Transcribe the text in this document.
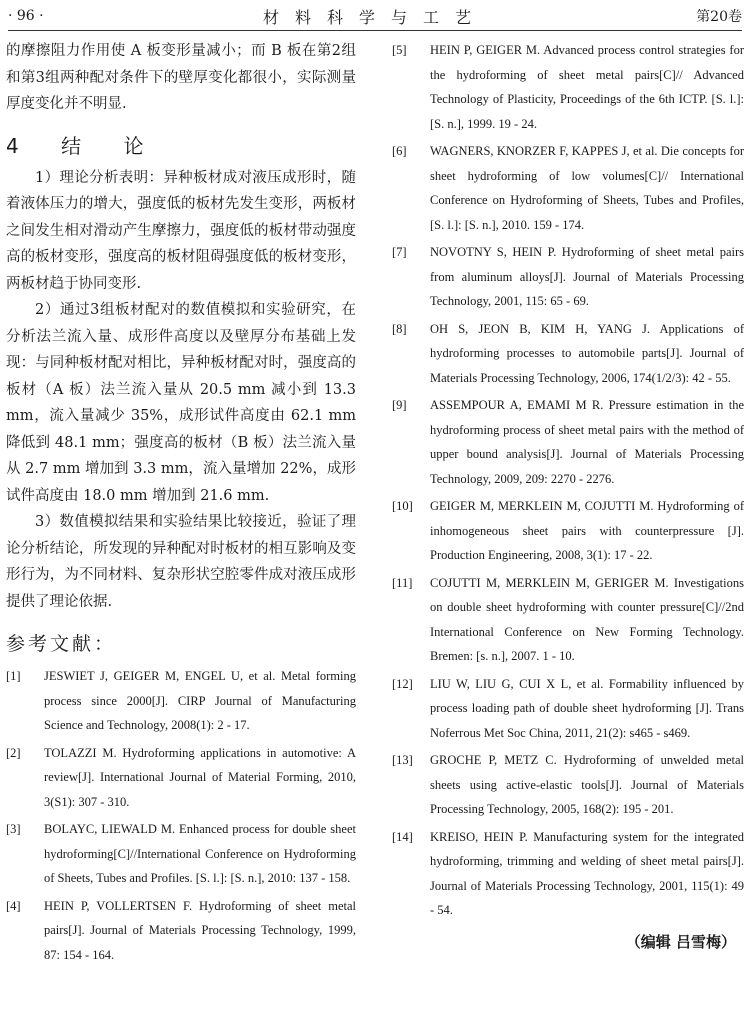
· 96 ·	材料科学与工艺	第20卷

的摩擦阻力作用使 A 板变形量减小；而 B 板在第2组和第3组两种配对条件下的壁厚变化都很小，实际测量厚度变化并不明显.

4 结 论

1）理论分析表明：异种板材成对液压成形时，随着液体压力的增大，强度低的板材先发生变形，两板材之间发生相对滑动产生摩擦力，强度低的板材带动强度高的板材变形，强度高的板材阻碍强度低的板材变形，两板材趋于协同变形.

2）通过3组板材配对的数值模拟和实验研究，在分析法兰流入量、成形件高度以及壁厚分布基础上发现：与同种板材配对相比，异种板材配对时，强度高的板材（A 板）法兰流入量从 20.5 mm 减小到 13.3 mm，流入量减少 35%，成形试件高度由 62.1 mm 降低到 48.1 mm；强度高的板材（B 板）法兰流入量从 2.7 mm 增加到 3.3 mm，流入量增加 22%，成形试件高度由 18.0 mm 增加到 21.6 mm.

3）数值模拟结果和实验结果比较接近，验证了理论分析结论，所发现的异种配对时板材的相互影响及变形行为，为不同材料、复杂形状空腔零件成对液压成形提供了理论依据.

参考文献：
[1]	JESWIET J, GEIGER M, ENGEL U, et al. Metal forming process since 2000[J]. CIRP Journal of Manufacturing Science and Technology, 2008(1): 2 - 17.
[2]	TOLAZZI M. Hydroforming applications in automotive: A review[J]. International Journal of Material Forming, 2010, 3(S1): 307 - 310.
[3]	BOLAYC, LIEWALD M. Enhanced process for double sheet hydroforming[C]//International Conference on Hydroforming of Sheets, Tubes and Profiles. [S. l.]: [S. n.], 2010: 137 - 158.
[4]	HEIN P, VOLLERTSEN F. Hydroforming of sheet metal pairs[J]. Journal of Materials Processing Technology, 1999, 87: 154 - 164.
[5]	HEIN P, GEIGER M. Advanced process control strategies for the hydroforming of sheet metal pairs[C]// Advanced Technology of Plasticity, Proceedings of the 6th ICTP. [S. l.]: [S. n.], 1999. 19 - 24.
[6]	WAGNERS, KNORZER F, KAPPES J, et al. Die concepts for sheet hydroforming of low volumes[C]// International Conference on Hydroforming of Sheets, Tubes and Profiles, [S. l.]: [S. n.], 2010. 159 - 174.
[7]	NOVOTNY S, HEIN P. Hydroforming of sheet metal pairs from aluminum alloys[J]. Journal of Materials Processing Technology, 2001, 115: 65 - 69.
[8]	OH S, JEON B, KIM H, YANG J. Applications of hydroforming processes to automobile parts[J]. Journal of Materials Processing Technology, 2006, 174(1/2/3): 42 - 55.
[9]	ASSEMPOUR A, EMAMI M R. Pressure estimation in the hydroforming process of sheet metal pairs with the method of upper bound analysis[J]. Journal of Materials Processing Technology, 2009, 209: 2270 - 2276.
[10]	GEIGER M, MERKLEIN M, COJUTTI M. Hydroforming of inhomogeneous sheet pairs with counterpressure [J]. Production Engineering, 2008, 3(1): 17 - 22.
[11]	COJUTTI M, MERKLEIN M, GERIGER M. Investigations on double sheet hydroforming with counter pressure[C]//2nd International Conference on New Forming Technology. Bremen: [s. n.], 2007. 1 - 10.
[12]	LIU W, LIU G, CUI X L, et al. Formability influenced by process loading path of double sheet hydroforming [J]. Trans Noferrous Met Soc China, 2011, 21(2): s465 - s469.
[13]	GROCHE P, METZ C. Hydroforming of unwelded metal sheets using active-elastic tools[J]. Journal of Materials Processing Technology, 2005, 168(2): 195 - 201.
[14]	KREISO, HEIN P. Manufacturing system for the integrated hydroforming, trimming and welding of sheet metal pairs[J]. Journal of Materials Processing Technology, 2001, 115(1): 49 - 54.
（编辑 吕雪梅）
